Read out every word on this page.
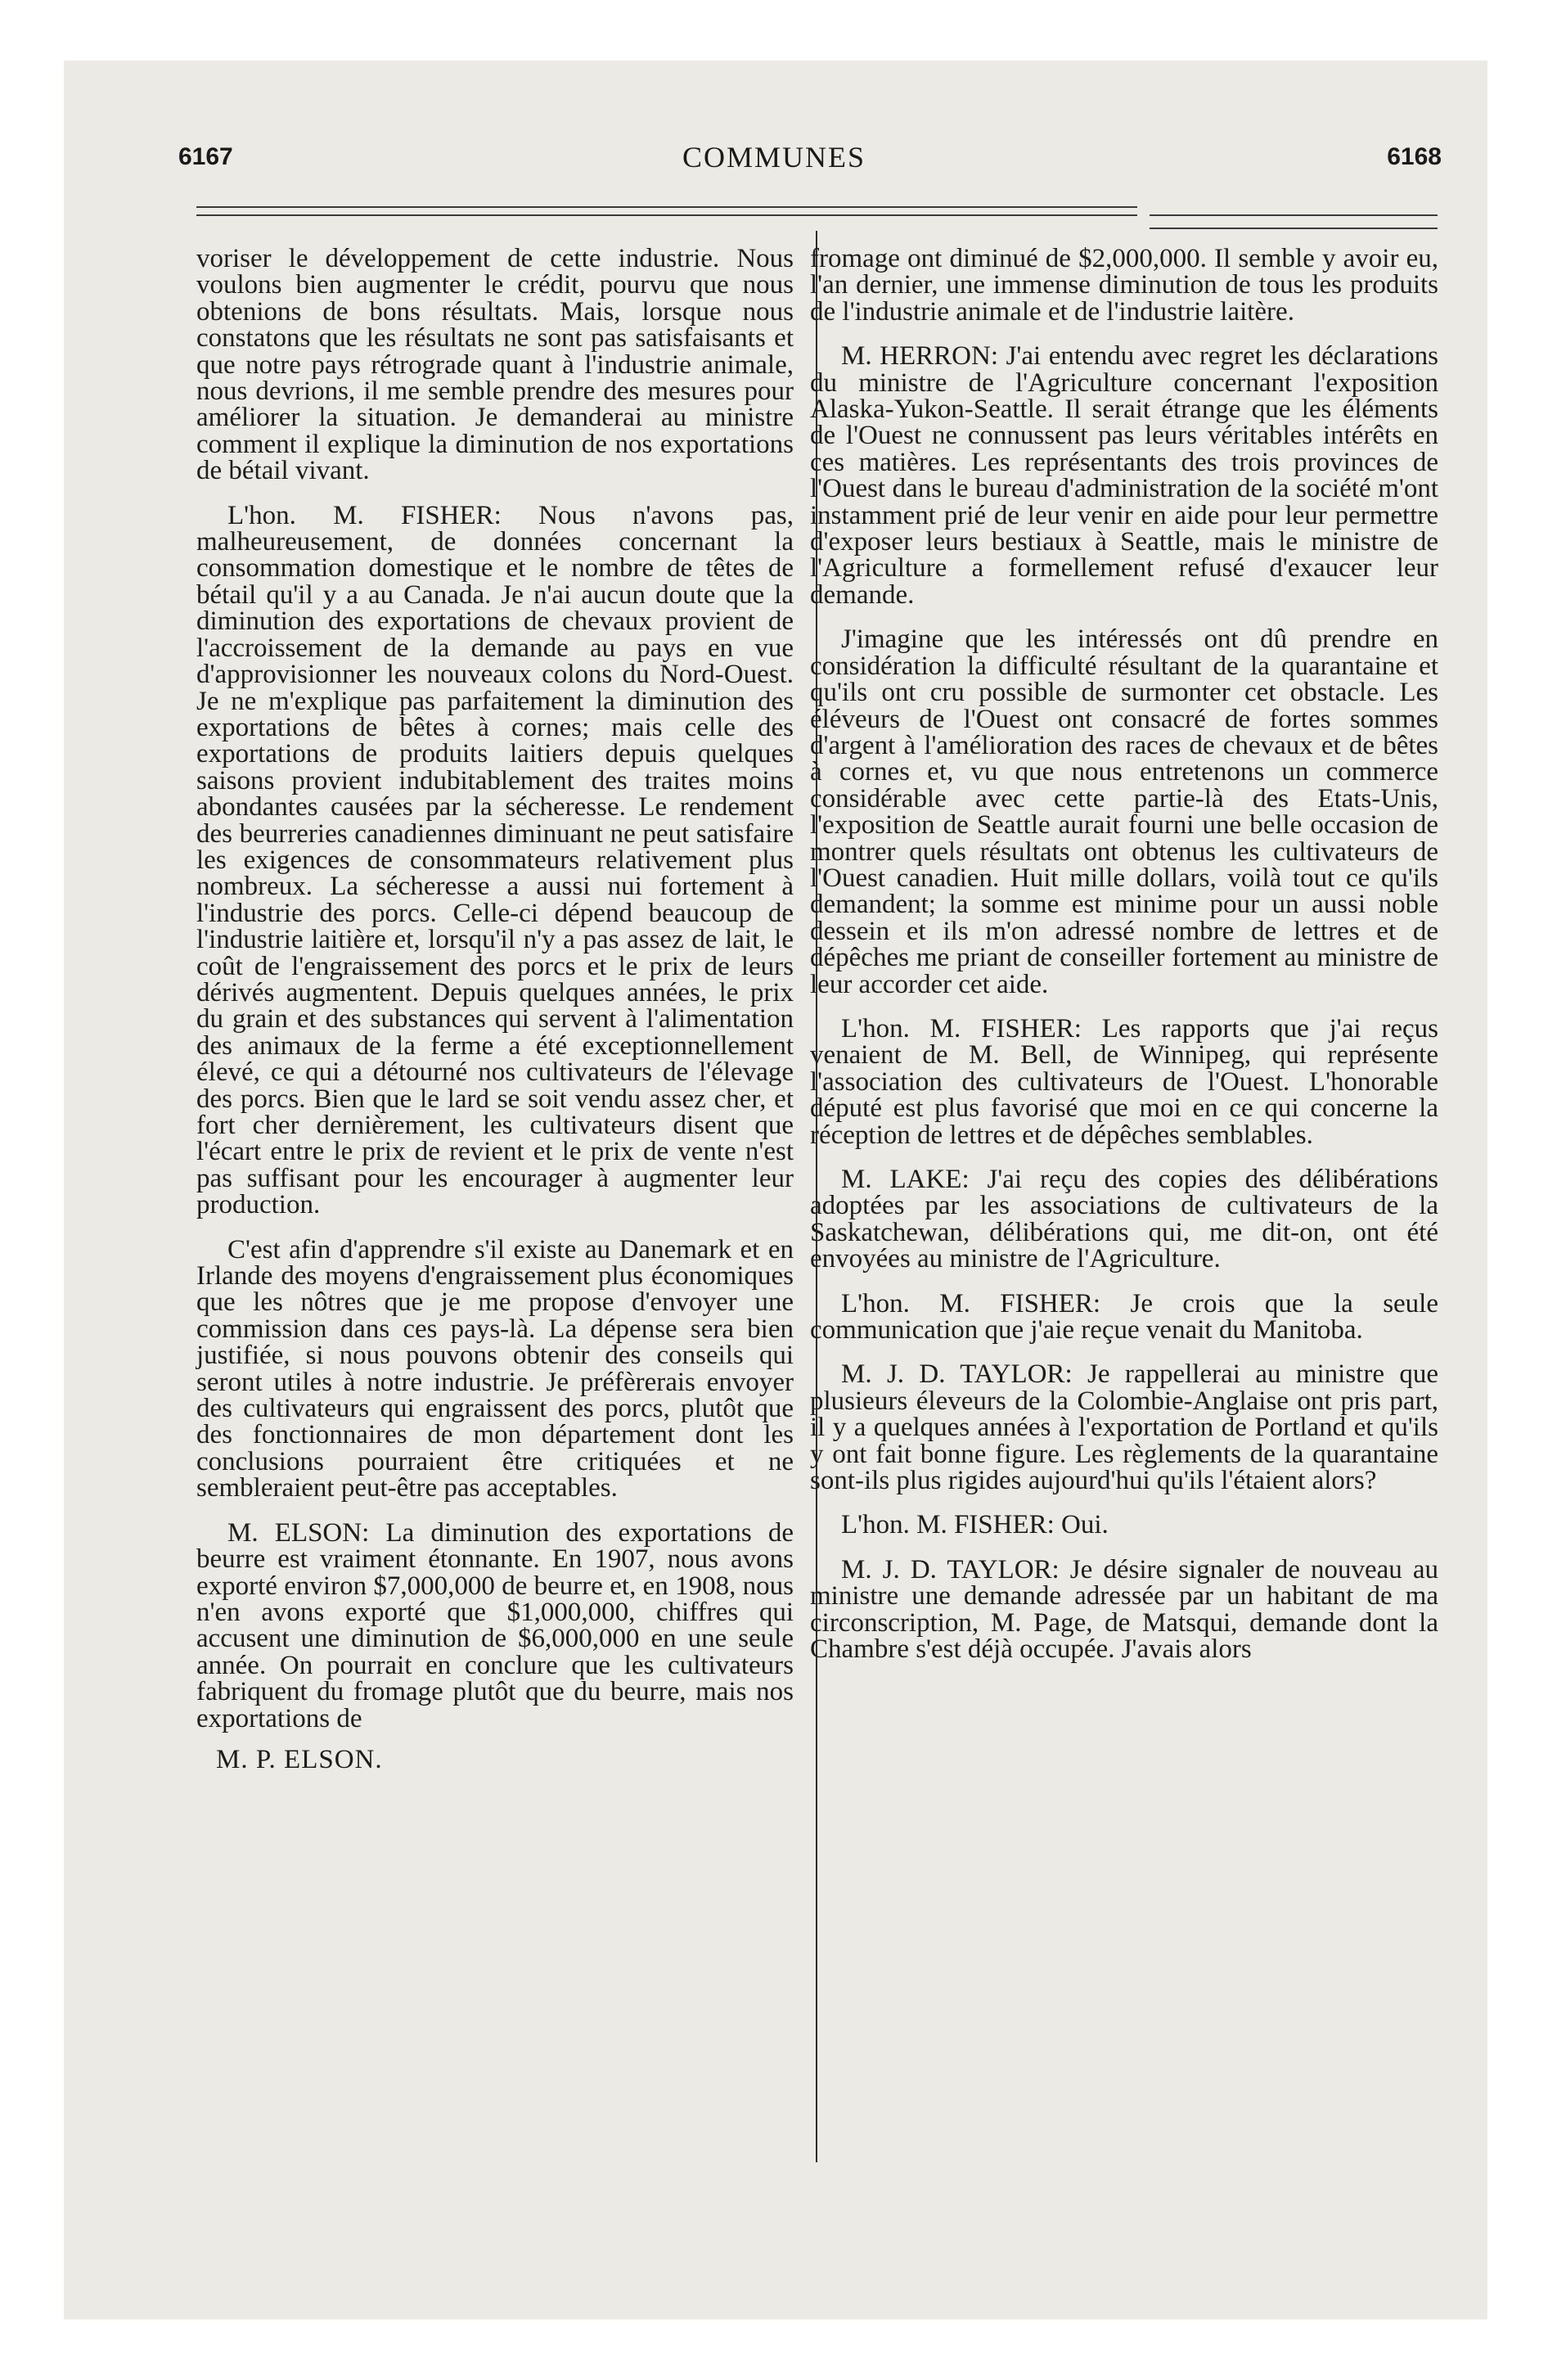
6167	COMMUNES	6168

voriser le développement de cette industrie. Nous voulons bien augmenter le crédit, pourvu que nous obtenions de bons résultats. Mais, lorsque nous constatons que les résultats ne sont pas satisfaisants et que notre pays rétrograde quant à l'industrie animale, nous devrions, il me semble prendre des mesures pour améliorer la situation. Je demanderai au ministre comment il explique la diminution de nos exportations de bétail vivant.

L'hon. M. FISHER: Nous n'avons pas, malheureusement, de données concernant la consommation domestique et le nombre de têtes de bétail qu'il y a au Canada. Je n'ai aucun doute que la diminution des exportations de chevaux provient de l'accroissement de la demande au pays en vue d'approvisionner les nouveaux colons du Nord-Ouest. Je ne m'explique pas parfaitement la diminution des exportations de bêtes à cornes; mais celle des exportations de produits laitiers depuis quelques saisons provient indubitablement des traites moins abondantes causées par la sécheresse. Le rendement des beurreries canadiennes diminuant ne peut satisfaire les exigences de consommateurs relativement plus nombreux. La sécheresse a aussi nui fortement à l'industrie des porcs. Celle-ci dépend beaucoup de l'industrie laitière et, lorsqu'il n'y a pas assez de lait, le coût de l'engraissement des porcs et le prix de leurs dérivés augmentent. Depuis quelques années, le prix du grain et des substances qui servent à l'alimentation des animaux de la ferme a été exceptionnellement élevé, ce qui a détourné nos cultivateurs de l'élevage des porcs. Bien que le lard se soit vendu assez cher, et fort cher dernièrement, les cultivateurs disent que l'écart entre le prix de revient et le prix de vente n'est pas suffisant pour les encourager à augmenter leur production.

C'est afin d'apprendre s'il existe au Danemark et en Irlande des moyens d'engraissement plus économiques que les nôtres que je me propose d'envoyer une commission dans ces pays-là. La dépense sera bien justifiée, si nous pouvons obtenir des conseils qui seront utiles à notre industrie. Je préfèrerais envoyer des cultivateurs qui engraissent des porcs, plutôt que des fonctionnaires de mon département dont les conclusions pourraient être critiquées et ne sembleraient peut-être pas acceptables.

M. ELSON: La diminution des exportations de beurre est vraiment étonnante. En 1907, nous avons exporté environ $7,000,000 de beurre et, en 1908, nous n'en avons exporté que $1,000,000, chiffres qui accusent une diminution de $6,000,000 en une seule année. On pourrait en conclure que les cultivateurs fabriquent du fromage plutôt que du beurre, mais nos exportations de

M. P. ELSON.

fromage ont diminué de $2,000,000. Il semble y avoir eu, l'an dernier, une immense diminution de tous les produits de l'industrie animale et de l'industrie laitère.

M. HERRON: J'ai entendu avec regret les déclarations du ministre de l'Agriculture concernant l'exposition Alaska-Yukon-Seattle. Il serait étrange que les éléments de l'Ouest ne connussent pas leurs véritables intérêts en ces matières. Les représentants des trois provinces de l'Ouest dans le bureau d'administration de la société m'ont instamment prié de leur venir en aide pour leur permettre d'exposer leurs bestiaux à Seattle, mais le ministre de l'Agriculture a formellement refusé d'exaucer leur demande.

J'imagine que les intéressés ont dû prendre en considération la difficulté résultant de la quarantaine et qu'ils ont cru possible de surmonter cet obstacle. Les éléveurs de l'Ouest ont consacré de fortes sommes d'argent à l'amélioration des races de chevaux et de bêtes à cornes et, vu que nous entretenons un commerce considérable avec cette partie-là des Etats-Unis, l'exposition de Seattle aurait fourni une belle occasion de montrer quels résultats ont obtenus les cultivateurs de l'Ouest canadien. Huit mille dollars, voilà tout ce qu'ils demandent; la somme est minime pour un aussi noble dessein et ils m'on adressé nombre de lettres et de dépêches me priant de conseiller fortement au ministre de leur accorder cet aide.

L'hon. M. FISHER: Les rapports que j'ai reçus venaient de M. Bell, de Winnipeg, qui représente l'association des cultivateurs de l'Ouest. L'honorable député est plus favorisé que moi en ce qui concerne la réception de lettres et de dépêches semblables.

M. LAKE: J'ai reçu des copies des délibérations adoptées par les associations de cultivateurs de la Saskatchewan, délibérations qui, me dit-on, ont été envoyées au ministre de l'Agriculture.

L'hon. M. FISHER: Je crois que la seule communication que j'aie reçue venait du Manitoba.

M. J. D. TAYLOR: Je rappellerai au ministre que plusieurs éleveurs de la Colombie-Anglaise ont pris part, il y a quelques années à l'exportation de Portland et qu'ils y ont fait bonne figure. Les règlements de la quarantaine sont-ils plus rigides aujourd'hui qu'ils l'étaient alors?

L'hon. M. FISHER: Oui.

M. J. D. TAYLOR: Je désire signaler de nouveau au ministre une demande adressée par un habitant de ma circonscription, M. Page, de Matsqui, demande dont la Chambre s'est déjà occupée. J'avais alors
